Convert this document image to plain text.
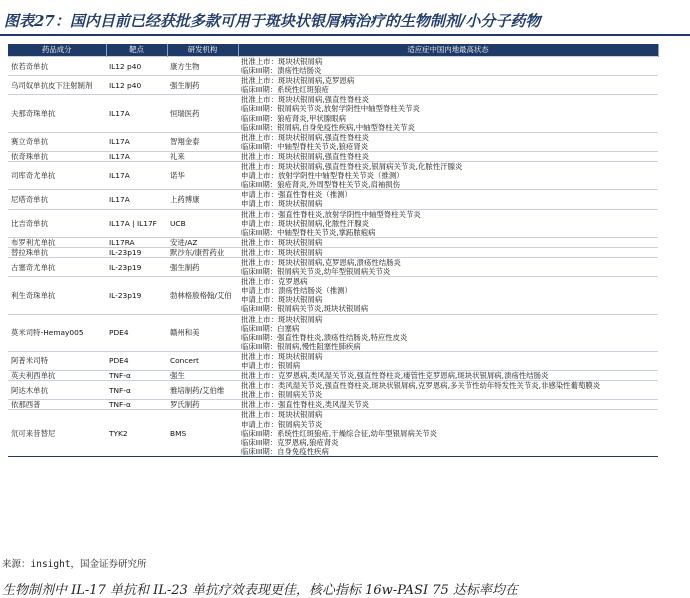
图表27：国内目前已经获批多款可用于斑块状银屑病治疗的生物制剂/小分子药物
药品成分	靶点	研发机构	适应症中国内地最高状态
依若奇单抗	IL12 p40	康方生物	批准上市：斑块状银屑病
临床III期：溃疡性结肠炎

乌司奴单抗皮下注射制剂	IL12 p40	强生制药	批准上市：斑块状银屑病,克罗恩病
临床III期：系统性红斑狼疮

夫那奇珠单抗	IL17A	恒瑞医药	批准上市：斑块状银屑病,强直性脊柱炎
临床III期：银屑病关节炎,放射学阴性中轴型脊柱关节炎
临床III期：狼疮肾炎,甲状腺眼病
临床III期：银屑病,自身免疫性疾病,中轴型脊柱关节炎

赛立奇单抗	IL17A	智翔金泰	批准上市：斑块状银屑病,强直性脊柱炎
临床III期：中轴型脊柱关节炎,狼疮肾炎

依奇珠单抗	IL17A	礼来	批准上市：斑块状银屑病,强直性脊柱炎

司库奇尤单抗	IL17A	诺华	批准上市：斑块状银屑病,强直性脊柱炎,银屑病关节炎,化脓性汗腺炎
申请上市：放射学阴性中轴型脊柱关节炎（推测）
临床III期：狼疮肾炎,外周型脊柱关节炎,肩袖损伤

尼塔奇单抗	IL17A	上药博康	申请上市：强直性脊柱炎（推测）
申请上市：斑块状银屑病

比吉奇单抗	IL17A | IL17F	UCB	批准上市：强直性脊柱炎,放射学阴性中轴型脊柱关节炎
申请上市：斑块状银屑病,化脓性汗腺炎
临床III期：中轴型脊柱关节炎,掌跖脓疱病

布罗利尤单抗	IL17RA	安进/AZ	批准上市：斑块状银屑病

替拉珠单抗	IL-23p19	默沙东/康哲药业	批准上市：斑块状银屑病

古塞奇尤单抗	IL-23p19	强生制药	批准上市：斑块状银屑病,克罗恩病,溃疡性结肠炎
临床III期：银屑病关节炎,幼年型银屑病关节炎

利生奇珠单抗	IL-23p19	勃林格殷格翰/艾伯	批准上市：克罗恩病
申请上市：溃疡性结肠炎（推测）
申请上市：斑块状银屑病
临床III期：银屑病关节炎,斑块状银屑病

莫米司特-Hemay005	PDE4	赣州和美	批准上市：斑块状银屑病
临床III期：白塞病
临床III期：强直性脊柱炎,溃疡性结肠炎,特应性皮炎
临床III期：银屑病,慢性阻塞性肺疾病

阿普米司特	PDE4	Concert	批准上市：斑块状银屑病
申请上市：银屑病

英夫利西单抗	TNF-α	强生	批准上市：克罗恩病,类风湿关节炎,强直性脊柱炎,瘘管性克罗恩病,斑块状银屑病,溃疡性结肠炎

阿达木单抗	TNF-α	雅培制药/艾伯维	批准上市：类风湿关节炎,强直性脊柱炎,斑块状银屑病,克罗恩病,多关节性幼年特发性关节炎,非感染性葡萄膜炎
批准上市：银屑病关节炎

依那西普	TNF-α	罗氏制药	批准上市：强直性脊柱炎,类风湿关节炎

氘可来昔替尼	TYK2	BMS	批准上市：斑块状银屑病
申请上市：银屑病关节炎
临床III期：系统性红斑狼疮,干燥综合征,幼年型银屑病关节炎
临床III期：克罗恩病,狼疮肾炎
临床III期：自身免疫性疾病
来源：insight，国金证券研究所
生物制剂中 IL-17 单抗和 IL-23 单抗疗效表现更佳，核心指标 16w-PASI 75 达标率均在
